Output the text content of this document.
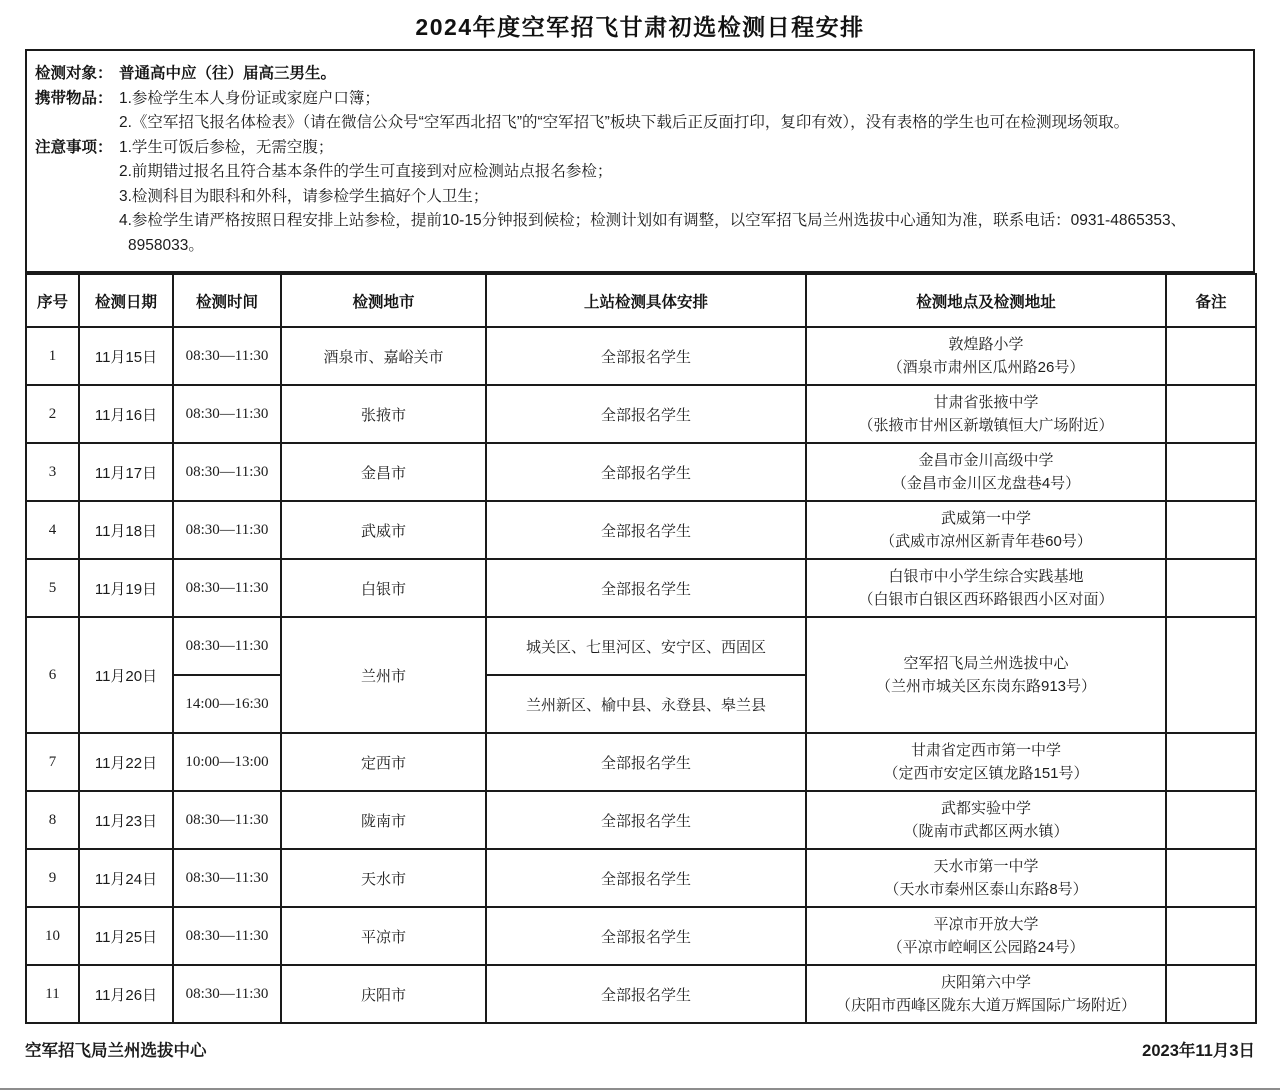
2024年度空军招飞甘肃初选检测日程安排
检测对象： 普通高中应（往）届高三男生。
携带物品： 1.参检学生本人身份证或家庭户口簿；
2.《空军招飞报名体检表》（请在微信公众号“空军西北招飞”的“空军招飞”板块下载后正反面打印，复印有效），没有表格的学生也可在检测现场领取。
注意事项： 1.学生可饭后参检，无需空腹；
2.前期错过报名且符合基本条件的学生可直接到对应检测站点报名参检；
3.检测科目为眼科和外科，请参检学生搞好个人卫生；
4.参检学生请严格按照日程安排上站参检，提前10-15分钟报到候检；检测计划如有调整，以空军招飞局兰州选拔中心通知为准，联系电话：0931-4865353、
8958033。
序号	检测日期	检测时间	检测地市	上站检测具体安排	检测地点及检测地址	备注
1	11月15日	08:30—11:30	酒泉市、嘉峪关市	全部报名学生	敦煌路小学
（酒泉市肃州区瓜州路26号）	

2	11月16日	08:30—11:30	张掖市	全部报名学生	甘肃省张掖中学
（张掖市甘州区新墩镇恒大广场附近）	

3	11月17日	08:30—11:30	金昌市	全部报名学生	金昌市金川高级中学
（金昌市金川区龙盘巷4号）	

4	11月18日	08:30—11:30	武威市	全部报名学生	武威第一中学
（武威市凉州区新青年巷60号）	

5	11月19日	08:30—11:30	白银市	全部报名学生	白银市中小学生综合实践基地
（白银市白银区西环路银西小区对面）	

6	11月20日	08:30—11:30	兰州市	城关区、七里河区、安宁区、西固区	空军招飞局兰州选拔中心
（兰州市城关区东岗东路913号）	

		14:00—16:30		兰州新区、榆中县、永登县、皋兰县		
7	11月22日	10:00—13:00	定西市	全部报名学生	甘肃省定西市第一中学
（定西市安定区镇龙路151号）	

8	11月23日	08:30—11:30	陇南市	全部报名学生	武都实验中学
（陇南市武都区两水镇）	

9	11月24日	08:30—11:30	天水市	全部报名学生	天水市第一中学
（天水市秦州区泰山东路8号）	

10	11月25日	08:30—11:30	平凉市	全部报名学生	平凉市开放大学
（平凉市崆峒区公园路24号）	

11	11月26日	08:30—11:30	庆阳市	全部报名学生	庆阳第六中学
（庆阳市西峰区陇东大道万辉国际广场附近）	

空军招飞局兰州选拔中心	2023年11月3日
